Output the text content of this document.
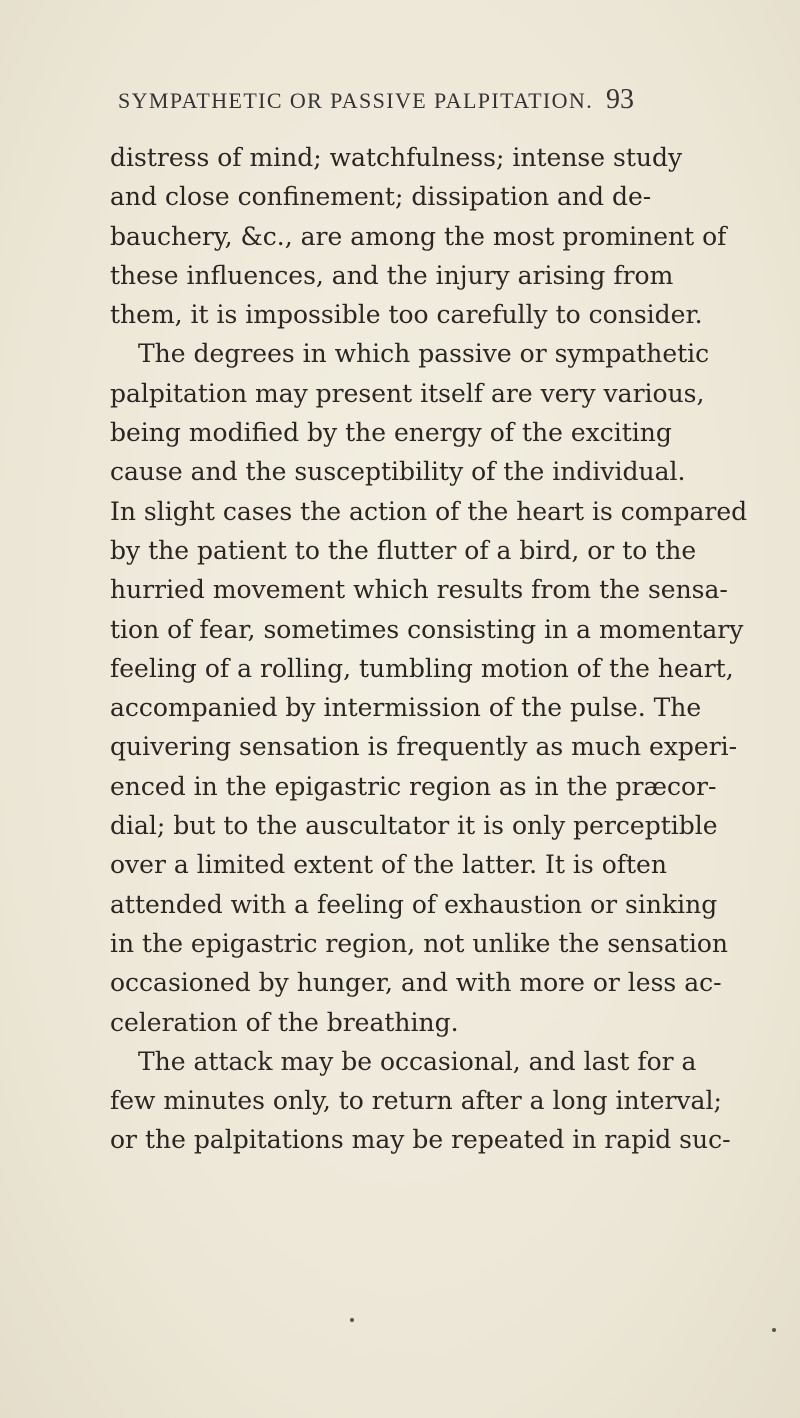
SYMPATHETIC OR PASSIVE PALPITATION. 93
distress of mind; watchfulness; intense study
and close confinement; dissipation and de-
bauchery, &c., are among the most prominent of
these influences, and the injury arising from
them, it is impossible too carefully to consider.
The degrees in which passive or sympathetic
palpitation may present itself are very various,
being modified by the energy of the exciting
cause and the susceptibility of the individual.
In slight cases the action of the heart is compared
by the patient to the flutter of a bird, or to the
hurried movement which results from the sensa-
tion of fear, sometimes consisting in a momentary
feeling of a rolling, tumbling motion of the heart,
accompanied by intermission of the pulse. The
quivering sensation is frequently as much experi-
enced in the epigastric region as in the præcor-
dial; but to the auscultator it is only perceptible
over a limited extent of the latter. It is often
attended with a feeling of exhaustion or sinking
in the epigastric region, not unlike the sensation
occasioned by hunger, and with more or less ac-
celeration of the breathing.
The attack may be occasional, and last for a
few minutes only, to return after a long interval;
or the palpitations may be repeated in rapid suc-
